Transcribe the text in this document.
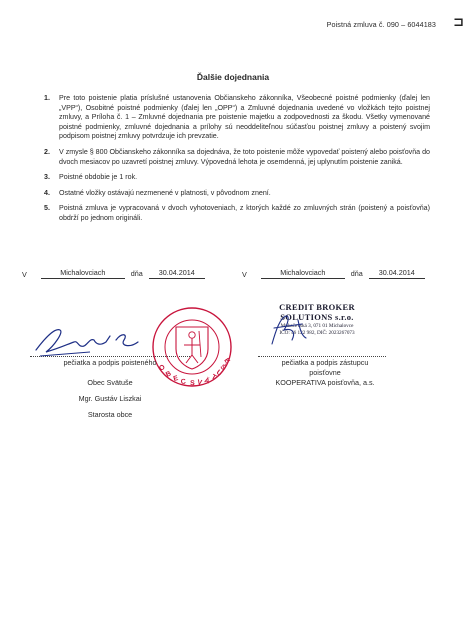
Poistná zmluva č. 090 – 6044183 ⊐
Ďalšie dojednania
1.	Pre toto poistenie platia príslušné ustanovenia Občianskeho zákonníka, Všeobecné poistné podmienky (ďalej len „VPP“), Osobitné poistné podmienky (ďalej len „OPP“) a Zmluvné dojednania uvedené vo vložkách tejto poistnej zmluvy, a Príloha č. 1 – Zmluvné dojednania pre poistenie majetku a zodpovednosti za škodu. Všetky vymenované poistné podmienky, zmluvné dojednania a prílohy sú neoddeliteľnou súčasťou poistnej zmluvy a poistený svojim podpisom poistnej zmluvy potvrdzuje ich prevzatie.
2.	V zmysle § 800 Občianskeho zákonníka sa dojednáva, že toto poistenie môže vypovedať poistený alebo poisťovňa do dvoch mesiacov po uzavretí poistnej zmluvy. Výpovedná lehota je osemdenná, jej uplynutím poistenie zaniká.
3.	Poistné obdobie je 1 rok.
4.	Ostatné vložky ostávajú nezmenené v platnosti, v pôvodnom znení.
5.	Poistná zmluva je vypracovaná v dvoch vyhotoveniach, z ktorých každé zo zmluvných strán (poistený a poisťovňa) obdrží po jednom origináli.
V	Michalovciach	dňa	30.04.2014	V	Michalovciach	dňa	30.04.2014
CREDIT BROKER
SOLUTIONS s.r.o.
Mukačevská 3, 071 01 Michalovce
IČO: 46 122 982, DIČ: 2023267073
O
B
E C S V Ä T
U
Š
E
pečiatka a podpis poisteného
Obec Svätuše
Mgr. Gustáv Liszkai
Starosta obce
pečiatka a podpis zástupcu
poisťovne
KOOPERATIVA poisťovňa, a.s.
